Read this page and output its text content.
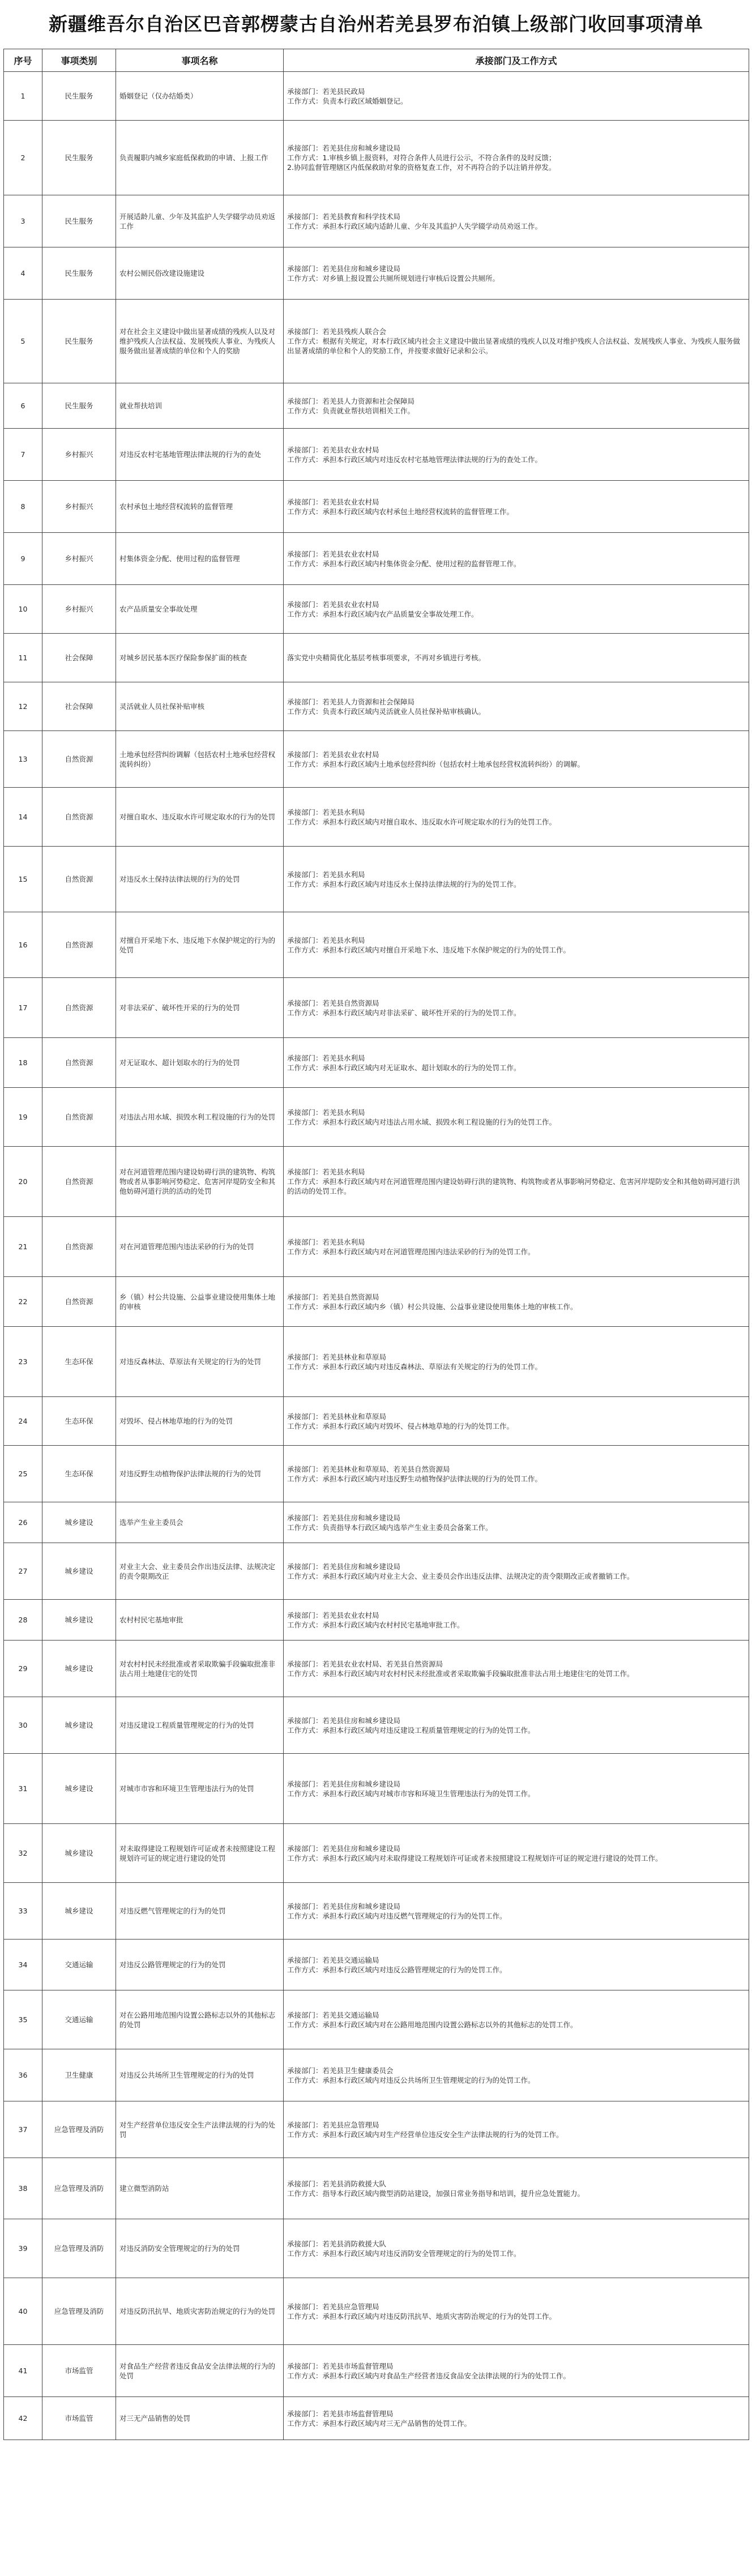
新疆维吾尔自治区巴音郭楞蒙古自治州若羌县罗布泊镇上级部门收回事项清单
序号	事项类别	事项名称	承接部门及工作方式
1	民生服务	婚姻登记（仅办结婚类）	承接部门：若羌县民政局
工作方式：负责本行政区域婚姻登记。

2	民生服务	负责履职内城乡家庭低保救助的申请、上报工作	承接部门：若羌县住房和城乡建设局
工作方式：1.审核乡镇上报资料，对符合条件人员进行公示，不符合条件的及时反馈；
2.协同监督管理辖区内低保救助对象的资格复查工作，对不再符合的予以注销并停发。

3	民生服务	开展适龄儿童、少年及其监护人失学辍学动员劝返工作	承接部门：若羌县教育和科学技术局
工作方式：承担本行政区域内适龄儿童、少年及其监护人失学辍学动员劝返工作。

4	民生服务	农村公厕民俗改建设施建设	承接部门：若羌县住房和城乡建设局
工作方式：对乡镇上报设置公共厕所规划进行审核后设置公共厕所。

5	民生服务	对在社会主义建设中做出显著成绩的残疾人以及对维护残疾人合法权益、发展残疾人事业、为残疾人服务做出显著成绩的单位和个人的奖励	承接部门：若羌县残疾人联合会
工作方式：根据有关规定，对本行政区域内社会主义建设中做出显著成绩的残疾人以及对维护残疾人合法权益、发展残疾人事业、为残疾人服务做出显著成绩的单位和个人的奖励工作，并按要求做好记录和公示。

6	民生服务	就业帮扶培训	承接部门：若羌县人力资源和社会保障局
工作方式：负责就业帮扶培训相关工作。

7	乡村振兴	对违反农村宅基地管理法律法规的行为的查处	承接部门：若羌县农业农村局
工作方式：承担本行政区域内对违反农村宅基地管理法律法规的行为的查处工作。

8	乡村振兴	农村承包土地经营权流转的监督管理	承接部门：若羌县农业农村局
工作方式：承担本行政区域内农村承包土地经营权流转的监督管理工作。

9	乡村振兴	村集体资金分配、使用过程的监督管理	承接部门：若羌县农业农村局
工作方式：承担本行政区域内村集体资金分配、使用过程的监督管理工作。

10	乡村振兴	农产品质量安全事故处理	承接部门：若羌县农业农村局
工作方式：承担本行政区域内农产品质量安全事故处理工作。

11	社会保障	对城乡居民基本医疗保险参保扩面的核查	落实党中央精简优化基层考核事项要求，不再对乡镇进行考核。

12	社会保障	灵活就业人员社保补贴审核	承接部门：若羌县人力资源和社会保障局
工作方式：负责本行政区域内灵活就业人员社保补贴审核确认。

13	自然资源	土地承包经营纠纷调解（包括农村土地承包经营权流转纠纷）	承接部门：若羌县农业农村局
工作方式：承担本行政区域内土地承包经营纠纷（包括农村土地承包经营权流转纠纷）的调解。

14	自然资源	对擅自取水、违反取水许可规定取水的行为的处罚	承接部门：若羌县水利局
工作方式：承担本行政区域内对擅自取水、违反取水许可规定取水的行为的处罚工作。

15	自然资源	对违反水土保持法律法规的行为的处罚	承接部门：若羌县水利局
工作方式：承担本行政区域内对违反水土保持法律法规的行为的处罚工作。

16	自然资源	对擅自开采地下水、违反地下水保护规定的行为的处罚	承接部门：若羌县水利局
工作方式：承担本行政区域内对擅自开采地下水、违反地下水保护规定的行为的处罚工作。

17	自然资源	对非法采矿、破坏性开采的行为的处罚	承接部门：若羌县自然资源局
工作方式：承担本行政区域内对非法采矿、破坏性开采的行为的处罚工作。

18	自然资源	对无证取水、超计划取水的行为的处罚	承接部门：若羌县水利局
工作方式：承担本行政区域内对无证取水、超计划取水的行为的处罚工作。

19	自然资源	对违法占用水域、损毁水利工程设施的行为的处罚	承接部门：若羌县水利局
工作方式：承担本行政区域内对违法占用水域、损毁水利工程设施的行为的处罚工作。

20	自然资源	对在河道管理范围内建设妨碍行洪的建筑物、构筑物或者从事影响河势稳定、危害河岸堤防安全和其他妨碍河道行洪的活动的处罚	承接部门：若羌县水利局
工作方式：承担本行政区域内对在河道管理范围内建设妨碍行洪的建筑物、构筑物或者从事影响河势稳定、危害河岸堤防安全和其他妨碍河道行洪的活动的处罚工作。

21	自然资源	对在河道管理范围内违法采砂的行为的处罚	承接部门：若羌县水利局
工作方式：承担本行政区域内对在河道管理范围内违法采砂的行为的处罚工作。

22	自然资源	乡（镇）村公共设施、公益事业建设使用集体土地的审核	承接部门：若羌县自然资源局
工作方式：承担本行政区域内乡（镇）村公共设施、公益事业建设使用集体土地的审核工作。

23	生态环保	对违反森林法、草原法有关规定的行为的处罚	承接部门：若羌县林业和草原局
工作方式：承担本行政区域内对违反森林法、草原法有关规定的行为的处罚工作。

24	生态环保	对毁坏、侵占林地草地的行为的处罚	承接部门：若羌县林业和草原局
工作方式：承担本行政区域内对毁坏、侵占林地草地的行为的处罚工作。

25	生态环保	对违反野生动植物保护法律法规的行为的处罚	承接部门：若羌县林业和草原局、若羌县自然资源局
工作方式：承担本行政区域内对违反野生动植物保护法律法规的行为的处罚工作。

26	城乡建设	选举产生业主委员会	承接部门：若羌县住房和城乡建设局
工作方式：负责指导本行政区域内选举产生业主委员会备案工作。

27	城乡建设	对业主大会、业主委员会作出违反法律、法规决定的责令限期改正	承接部门：若羌县住房和城乡建设局
工作方式：承担本行政区域内对业主大会、业主委员会作出违反法律、法规决定的责令限期改正或者撤销工作。

28	城乡建设	农村村民宅基地审批	承接部门：若羌县农业农村局
工作方式：承担本行政区域内农村村民宅基地审批工作。

29	城乡建设	对农村村民未经批准或者采取欺骗手段骗取批准非法占用土地建住宅的处罚	承接部门：若羌县农业农村局、若羌县自然资源局
工作方式：承担本行政区域内对农村村民未经批准或者采取欺骗手段骗取批准非法占用土地建住宅的处罚工作。

30	城乡建设	对违反建设工程质量管理规定的行为的处罚	承接部门：若羌县住房和城乡建设局
工作方式：承担本行政区域内对违反建设工程质量管理规定的行为的处罚工作。

31	城乡建设	对城市市容和环境卫生管理违法行为的处罚	承接部门：若羌县住房和城乡建设局
工作方式：承担本行政区域内对城市市容和环境卫生管理违法行为的处罚工作。

32	城乡建设	对未取得建设工程规划许可证或者未按照建设工程规划许可证的规定进行建设的处罚	承接部门：若羌县住房和城乡建设局
工作方式：承担本行政区域内对未取得建设工程规划许可证或者未按照建设工程规划许可证的规定进行建设的处罚工作。

33	城乡建设	对违反燃气管理规定的行为的处罚	承接部门：若羌县住房和城乡建设局
工作方式：承担本行政区域内对违反燃气管理规定的行为的处罚工作。

34	交通运输	对违反公路管理规定的行为的处罚	承接部门：若羌县交通运输局
工作方式：承担本行政区域内对违反公路管理规定的行为的处罚工作。

35	交通运输	对在公路用地范围内设置公路标志以外的其他标志的处罚	承接部门：若羌县交通运输局
工作方式：承担本行政区域内对在公路用地范围内设置公路标志以外的其他标志的处罚工作。

36	卫生健康	对违反公共场所卫生管理规定的行为的处罚	承接部门：若羌县卫生健康委员会
工作方式：承担本行政区域内对违反公共场所卫生管理规定的行为的处罚工作。

37	应急管理及消防	对生产经营单位违反安全生产法律法规的行为的处罚	承接部门：若羌县应急管理局
工作方式：承担本行政区域内对生产经营单位违反安全生产法律法规的行为的处罚工作。

38	应急管理及消防	建立微型消防站	承接部门：若羌县消防救援大队
工作方式：指导本行政区域内微型消防站建设，加强日常业务指导和培训，提升应急处置能力。

39	应急管理及消防	对违反消防安全管理规定的行为的处罚	承接部门：若羌县消防救援大队
工作方式：承担本行政区域内对违反消防安全管理规定的行为的处罚工作。

40	应急管理及消防	对违反防汛抗旱、地质灾害防治规定的行为的处罚	承接部门：若羌县应急管理局
工作方式：承担本行政区域内对违反防汛抗旱、地质灾害防治规定的行为的处罚工作。

41	市场监管	对食品生产经营者违反食品安全法律法规的行为的处罚	承接部门：若羌县市场监督管理局
工作方式：承担本行政区域内对食品生产经营者违反食品安全法律法规的行为的处罚工作。

42	市场监管	对三无产品销售的处罚	承接部门：若羌县市场监督管理局
工作方式：承担本行政区域内对三无产品销售的处罚工作。
